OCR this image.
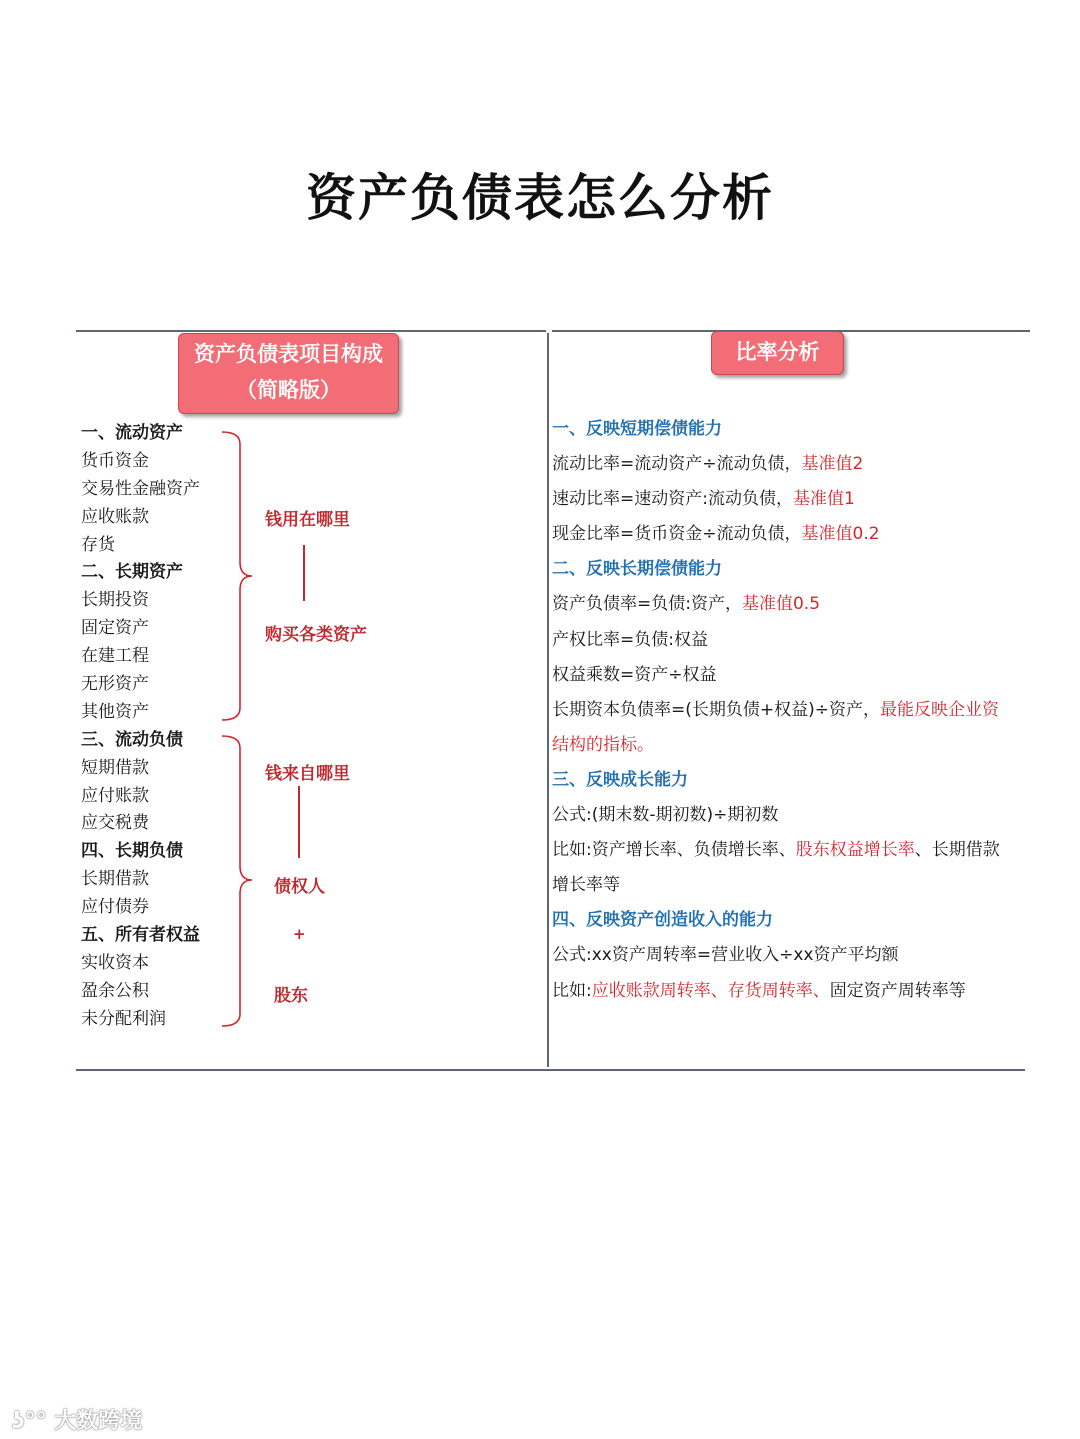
资产负债表怎么分析
资产负债表项目构成
（简略版）
比率分析
一、流动资产
货币资金
交易性金融资产
应收账款
存货
二、长期资产
长期投资
固定资产
在建工程
无形资产
其他资产
三、流动负债
短期借款
应付账款
应交税费
四、长期负债
长期借款
应付债券
五、所有者权益
实收资本
盈余公积
未分配利润
钱用在哪里
购买各类资产
钱来自哪里
债权人
+
股东
一、反映短期偿债能力
流动比率=流动资产÷流动负债，基准值2
速动比率=速动资产:流动负债，基准值1
现金比率=货币资金÷流动负债，基准值0.2
二、反映长期偿债能力
资产负债率=负债:资产，基准值0.5
产权比率=负债:权益
权益乘数=资产÷权益
长期资本负债率=(长期负债+权益)÷资产，最能反映企业资
结构的指标。
三、反映成长能力
公式:(期末数-期初数)÷期初数
比如:资产增长率、负债增长率、股东权益增长率、长期借款
增长率等
四、反映资产创造收入的能力
公式:xx资产周转率=营业收入÷xx资产平均额
比如:应收账款周转率、存货周转率、固定资产周转率等
ʖ°° 大数跨境
